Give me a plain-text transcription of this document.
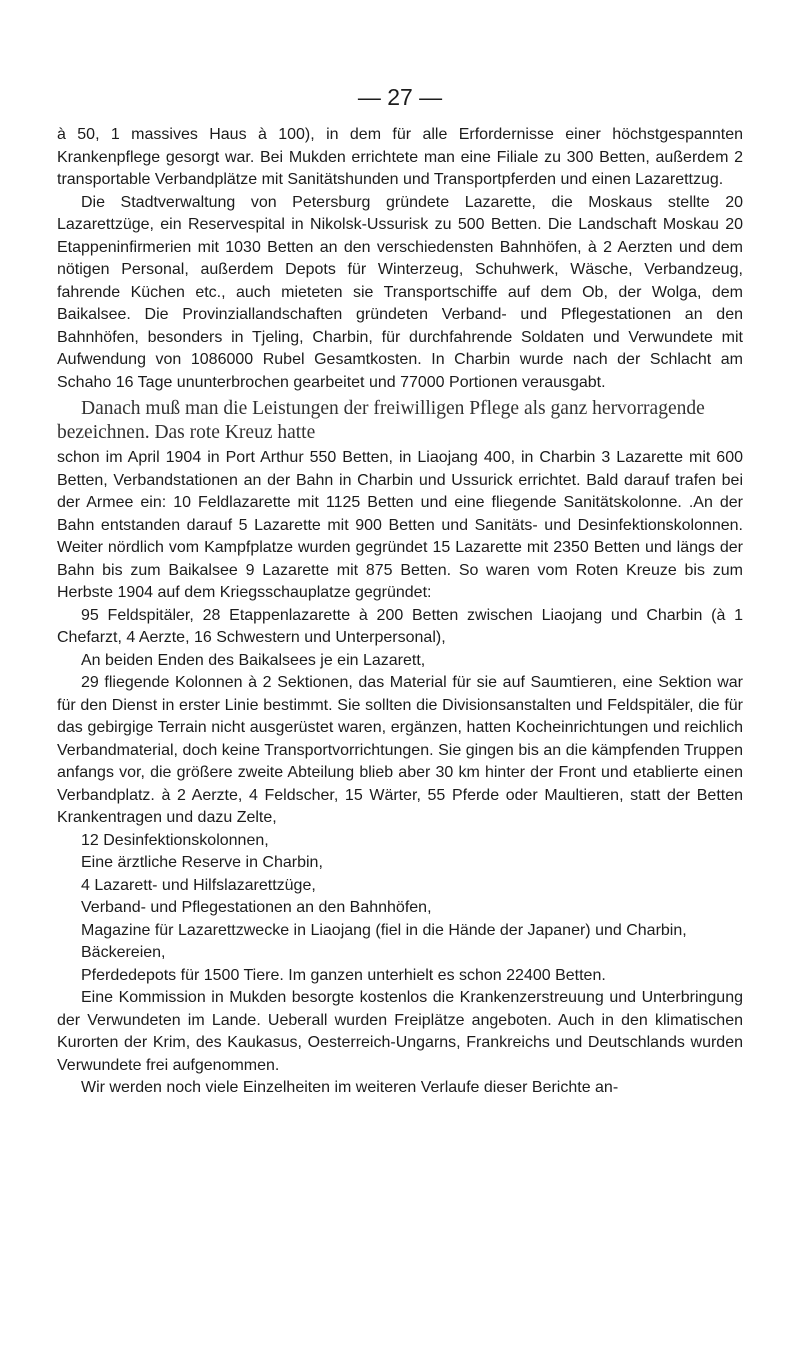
— 27 —

à 50, 1 massives Haus à 100), in dem für alle Erfordernisse einer höchstgespannten Krankenpflege gesorgt war. Bei Mukden errichtete man eine Filiale zu 300 Betten, außerdem 2 transportable Verbandplätze mit Sanitätshunden und Transportpferden und einen Lazarettzug.

Die Stadtverwaltung von Petersburg gründete Lazarette, die Moskaus stellte 20 Lazarettzüge, ein Reservespital in Nikolsk-Ussurisk zu 500 Betten. Die Landschaft Moskau 20 Etappeninfirmerien mit 1030 Betten an den verschiedensten Bahnhöfen, à 2 Aerzten und dem nötigen Personal, außerdem Depots für Winterzeug, Schuhwerk, Wäsche, Verbandzeug, fahrende Küchen etc., auch mieteten sie Transportschiffe auf dem Ob, der Wolga, dem Baikalsee. Die Provinziallandschaften gründeten Verband- und Pflegestationen an den Bahnhöfen, besonders in Tjeling, Charbin, für durchfahrende Soldaten und Verwundete mit Aufwendung von 1086000 Rubel Gesamtkosten. In Charbin wurde nach der Schlacht am Schaho 16 Tage ununterbrochen gearbeitet und 77000 Portionen verausgabt.

Danach muß man die Leistungen der freiwilligen Pflege als ganz hervorragende bezeichnen. Das rote Kreuz hatte

schon im April 1904 in Port Arthur 550 Betten, in Liaojang 400, in Charbin 3 Lazarette mit 600 Betten, Verbandstationen an der Bahn in Charbin und Ussurick errichtet. Bald darauf trafen bei der Armee ein: 10 Feldlazarette mit 1125 Betten und eine fliegende Sanitätskolonne. .An der Bahn entstanden darauf 5 Lazarette mit 900 Betten und Sanitäts- und Desinfektionskolonnen. Weiter nördlich vom Kampfplatze wurden gegründet 15 Lazarette mit 2350 Betten und längs der Bahn bis zum Baikalsee 9 Lazarette mit 875 Betten. So waren vom Roten Kreuze bis zum Herbste 1904 auf dem Kriegsschauplatze gegründet:

95 Feldspitäler, 28 Etappenlazarette à 200 Betten zwischen Liaojang und Charbin (à 1 Chefarzt, 4 Aerzte, 16 Schwestern und Unterpersonal),

An beiden Enden des Baikalsees je ein Lazarett,

29 fliegende Kolonnen à 2 Sektionen, das Material für sie auf Saumtieren, eine Sektion war für den Dienst in erster Linie bestimmt. Sie sollten die Divisionsanstalten und Feldspitäler, die für das gebirgige Terrain nicht ausgerüstet waren, ergänzen, hatten Kocheinrichtungen und reichlich Verbandmaterial, doch keine Transportvorrichtungen. Sie gingen bis an die kämpfenden Truppen anfangs vor, die größere zweite Abteilung blieb aber 30 km hinter der Front und etablierte einen Verbandplatz. à 2 Aerzte, 4 Feldscher, 15 Wärter, 55 Pferde oder Maultieren, statt der Betten Krankentragen und dazu Zelte,

12 Desinfektionskolonnen,

Eine ärztliche Reserve in Charbin,

4 Lazarett- und Hilfslazarettzüge,

Verband- und Pflegestationen an den Bahnhöfen,

Magazine für Lazarettzwecke in Liaojang (fiel in die Hände der Japaner) und Charbin,

Bäckereien,

Pferdedepots für 1500 Tiere. Im ganzen unterhielt es schon 22400 Betten.

Eine Kommission in Mukden besorgte kostenlos die Krankenzerstreuung und Unterbringung der Verwundeten im Lande. Ueberall wurden Freiplätze angeboten. Auch in den klimatischen Kurorten der Krim, des Kaukasus, Oesterreich-Ungarns, Frankreichs und Deutschlands wurden Verwundete frei aufgenommen.

Wir werden noch viele Einzelheiten im weiteren Verlaufe dieser Berichte an-
